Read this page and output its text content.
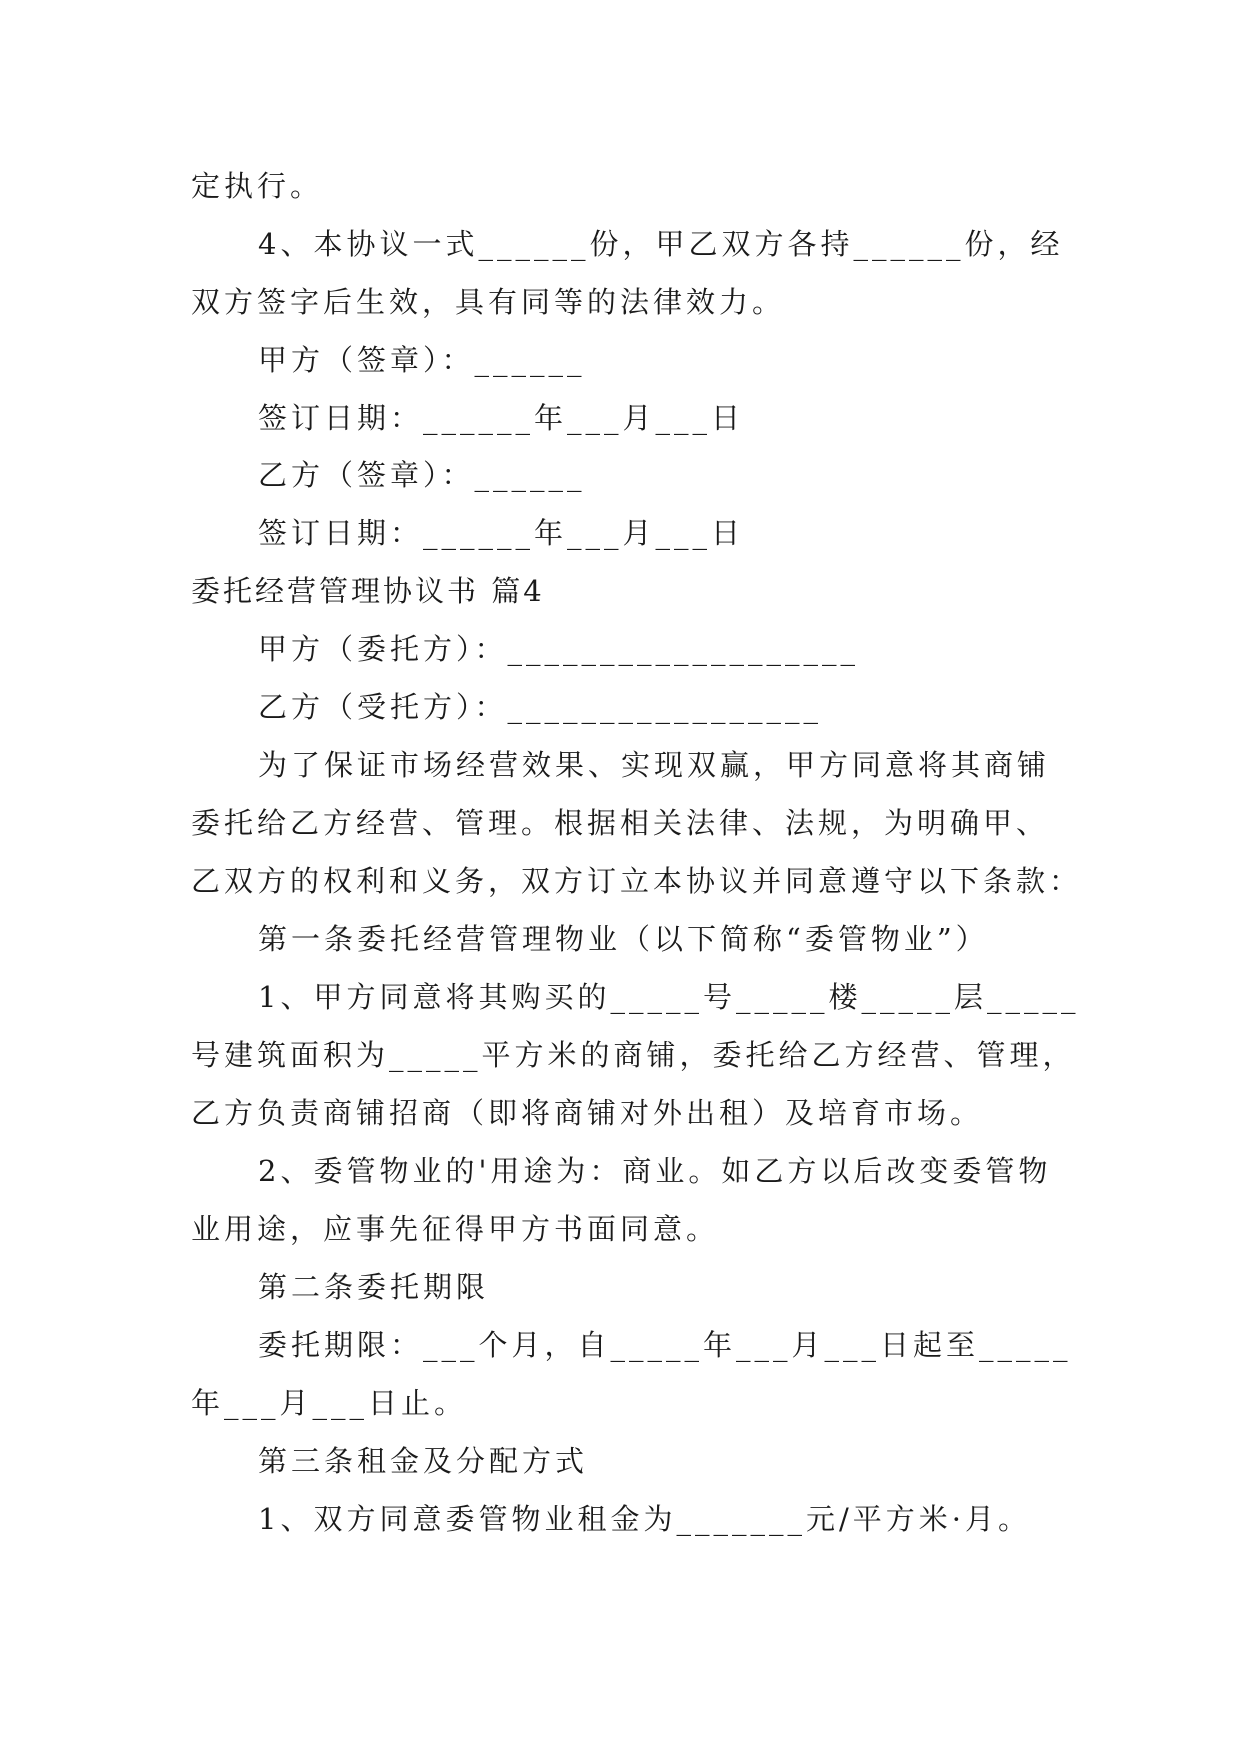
定执行。
4、本协议一式______份，甲乙双方各持______份，经
双方签字后生效，具有同等的法律效力。
甲方（签章）：______
签订日期：______年___月___日
乙方（签章）：______
签订日期：______年___月___日
委托经营管理协议书 篇4
甲方（委托方）：___________________
乙方（受托方）：_________________
为了保证市场经营效果、实现双赢，甲方同意将其商铺
委托给乙方经营、管理。根据相关法律、法规，为明确甲、
乙双方的权利和义务，双方订立本协议并同意遵守以下条款：
第一条委托经营管理物业（以下简称“委管物业”）
1、甲方同意将其购买的_____号_____楼_____层_____
号建筑面积为_____平方米的商铺，委托给乙方经营、管理，
乙方负责商铺招商（即将商铺对外出租）及培育市场。
2、委管物业的'用途为：商业。如乙方以后改变委管物
业用途，应事先征得甲方书面同意。
第二条委托期限
委托期限：___个月，自_____年___月___日起至_____
年___月___日止。
第三条租金及分配方式
1、双方同意委管物业租金为_______元/平方米·月。
